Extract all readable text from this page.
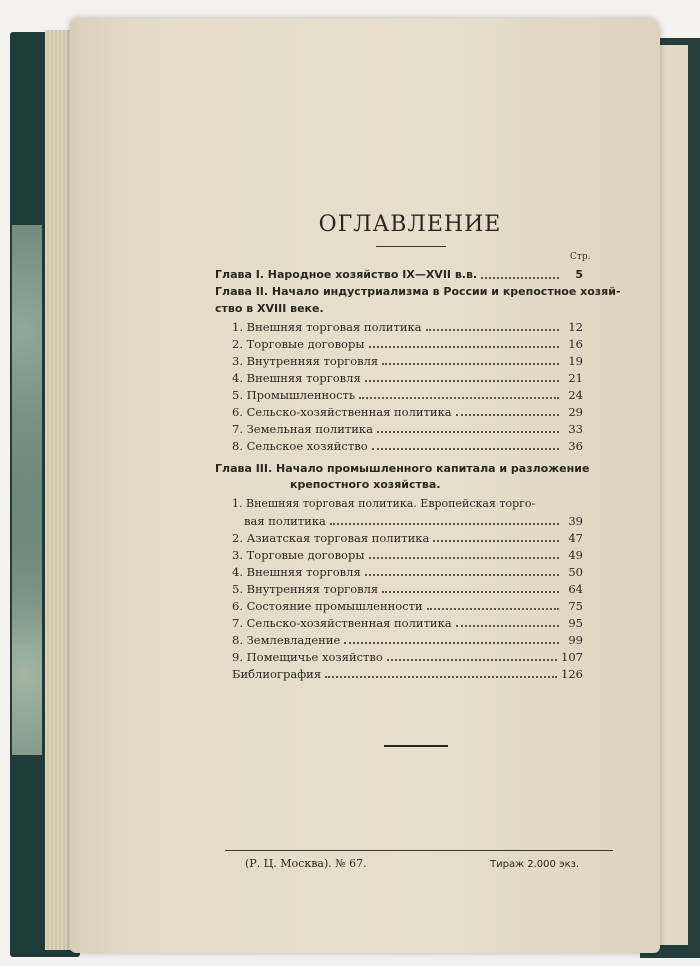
ОГЛАВЛЕНИЕ
Стр.
Глава I. Народное хозяйство IX—XVII в.в.	5
Глава II. Начало индустриализма в России и крепостное хозяй-
ство в XVIII веке.
1. Внешняя торговая политика	12
2. Торговые договоры	16
3. Внутренняя торговля	19
4. Внешняя торговля	21
5. Промышленность	24
6. Сельско-хозяйственная политика	29
7. Земельная политика	33
8. Сельское хозяйство	36
Глава III. Начало промышленного капитала и разложение
крепостного хозяйства.
1. Внешняя торговая политика. Европейская торго-
вая политика	39
2. Азиатская торговая политика	47
3. Торговые договоры	49
4. Внешняя торговля	50
5. Внутренняя торговля	64
6. Состояние промышленности	75
7. Сельско-хозяйственная политика	95
8. Землевладение	99
9. Помещичье хозяйство	107
Библиография	126
(Р. Ц. Москва). № 67.	Тираж 2.000 экз.
